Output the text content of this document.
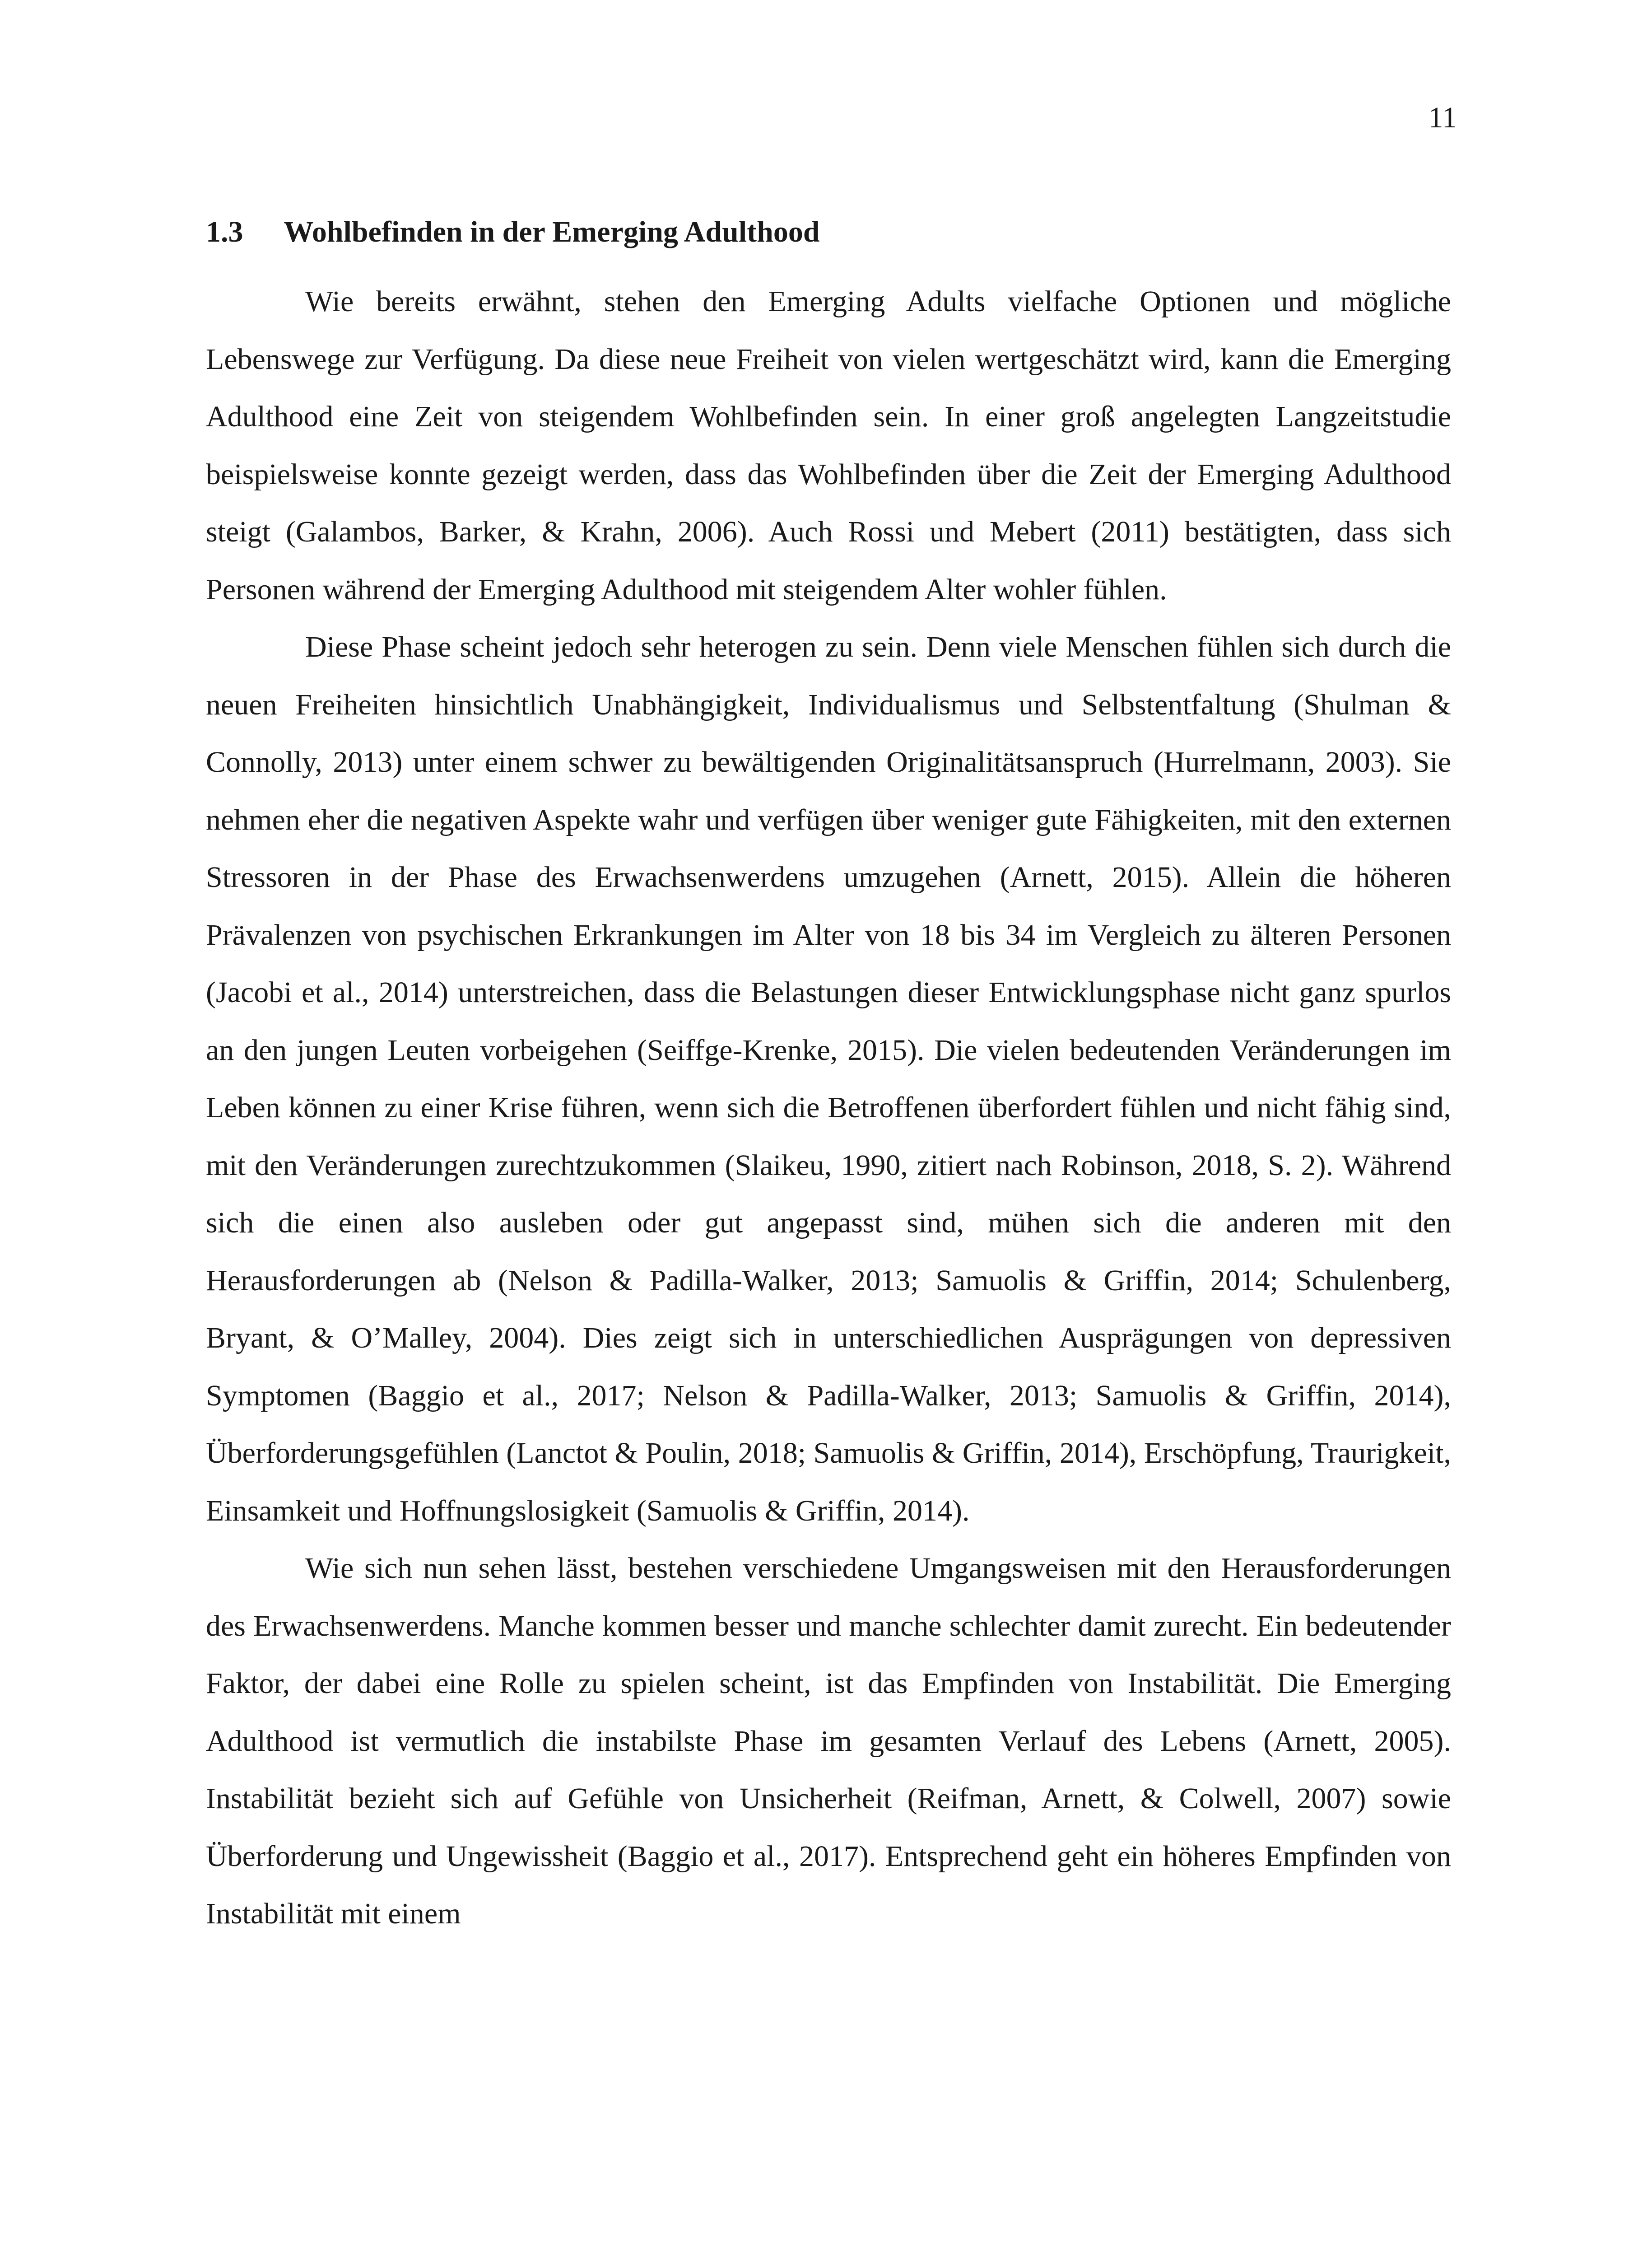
11
1.3 Wohlbefinden in der Emerging Adulthood

Wie bereits erwähnt, stehen den Emerging Adults vielfache Optionen und mögliche Lebenswege zur Verfügung. Da diese neue Freiheit von vielen wertgeschätzt wird, kann die Emerging Adulthood eine Zeit von steigendem Wohlbefinden sein. In einer groß angelegten Langzeitstudie beispielsweise konnte gezeigt werden, dass das Wohlbefinden über die Zeit der Emerging Adulthood steigt (Galambos, Barker, & Krahn, 2006). Auch Rossi und Mebert (2011) bestätigten, dass sich Personen während der Emerging Adulthood mit steigendem Alter wohler fühlen.

Diese Phase scheint jedoch sehr heterogen zu sein. Denn viele Menschen fühlen sich durch die neuen Freiheiten hinsichtlich Unabhängigkeit, Individualismus und Selbstentfaltung (Shulman & Connolly, 2013) unter einem schwer zu bewältigenden Originalitätsanspruch (Hurrelmann, 2003). Sie nehmen eher die negativen Aspekte wahr und verfügen über weniger gute Fähigkeiten, mit den externen Stressoren in der Phase des Erwachsenwerdens umzugehen (Arnett, 2015). Allein die höheren Prävalenzen von psychischen Erkrankungen im Alter von 18 bis 34 im Vergleich zu älteren Personen (Jacobi et al., 2014) unterstreichen, dass die Belastungen dieser Entwicklungsphase nicht ganz spurlos an den jungen Leuten vorbeigehen (Seiffge-Krenke, 2015). Die vielen bedeutenden Veränderungen im Leben können zu einer Krise führen, wenn sich die Betroffenen überfordert fühlen und nicht fähig sind, mit den Veränderungen zurechtzukommen (Slaikeu, 1990, zitiert nach Robinson, 2018, S. 2). Während sich die einen also ausleben oder gut angepasst sind, mühen sich die anderen mit den Herausforderungen ab (Nelson & Padilla-Walker, 2013; Samuolis & Griffin, 2014; Schulenberg, Bryant, & O’Malley, 2004). Dies zeigt sich in unterschiedlichen Ausprägungen von depressiven Symptomen (Baggio et al., 2017; Nelson & Padilla-Walker, 2013; Samuolis & Griffin, 2014), Überforderungsgefühlen (Lanctot & Poulin, 2018; Samuolis & Griffin, 2014), Erschöpfung, Traurigkeit, Einsamkeit und Hoffnungslosigkeit (Samuolis & Griffin, 2014).

Wie sich nun sehen lässt, bestehen verschiedene Umgangsweisen mit den Herausforderungen des Erwachsenwerdens. Manche kommen besser und manche schlechter damit zurecht. Ein bedeutender Faktor, der dabei eine Rolle zu spielen scheint, ist das Empfinden von Instabilität. Die Emerging Adulthood ist vermutlich die instabilste Phase im gesamten Verlauf des Lebens (Arnett, 2005). Instabilität bezieht sich auf Gefühle von Unsicherheit (Reifman, Arnett, & Colwell, 2007) sowie Überforderung und Ungewissheit (Baggio et al., 2017). Entsprechend geht ein höheres Empfinden von Instabilität mit einem
